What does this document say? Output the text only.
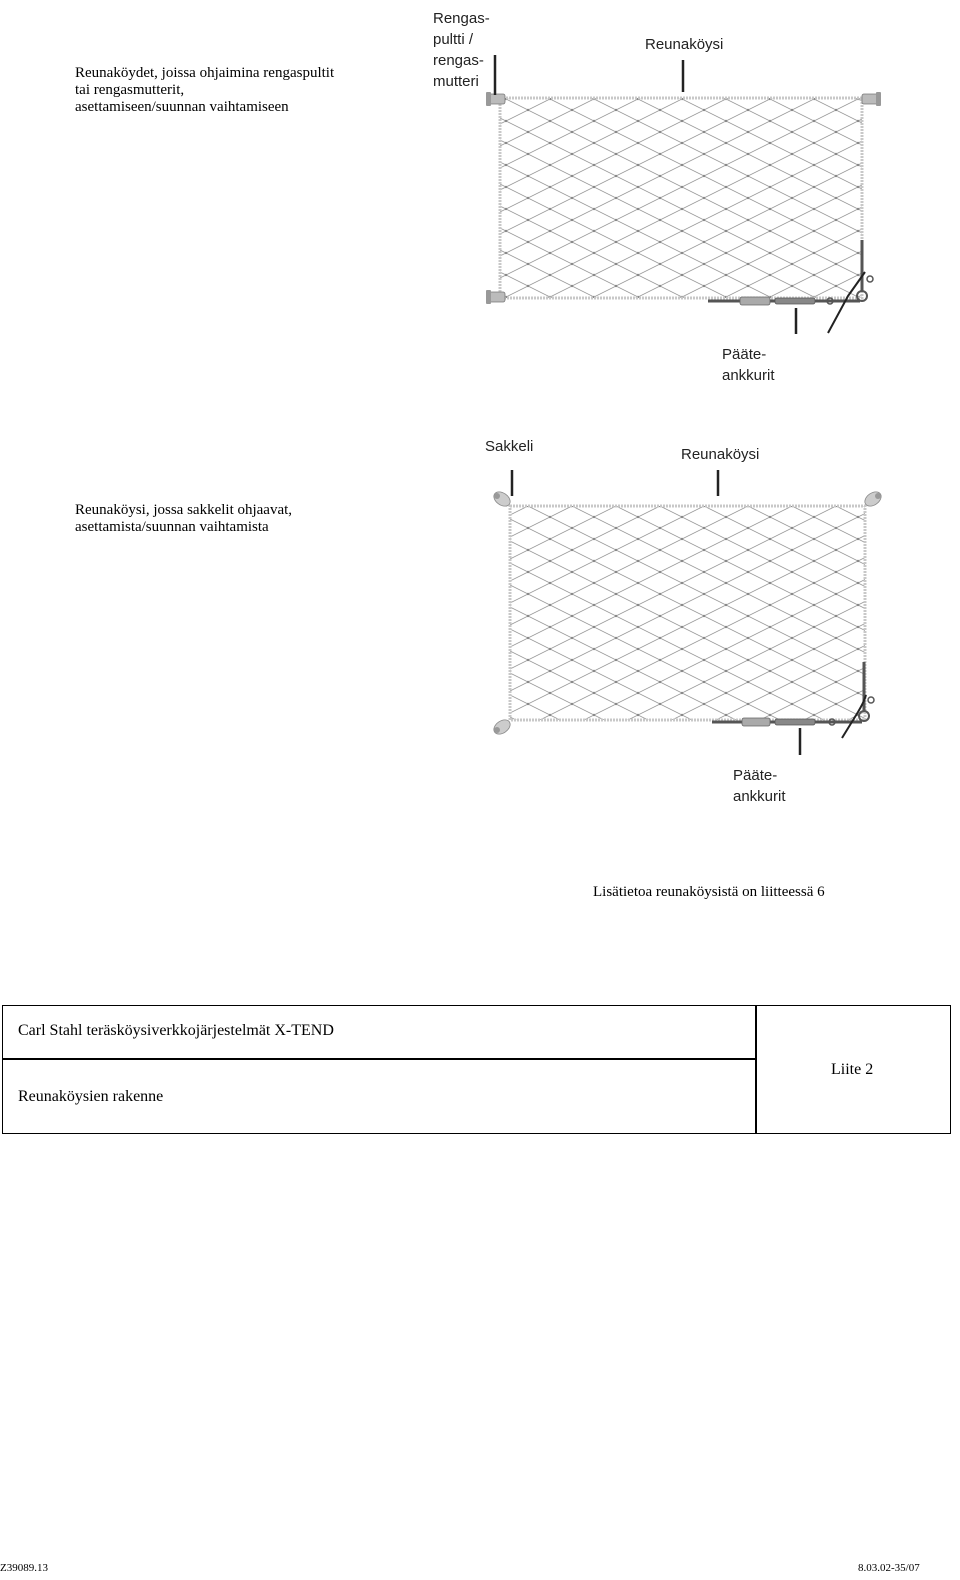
Reunaköydet, joissa ohjaimina rengaspultit
tai rengasmutterit,
asettamiseen/suunnan vaihtamiseen
Rengas-
pultti /
rengas-
mutteri
Reunaköysi
Pääte-
ankkurit
Reunaköysi, jossa sakkelit ohjaavat,
asettamista/suunnan vaihtamista
Sakkeli	Reunaköysi
Pääte-
ankkurit
Lisätietoa reunaköysistä on liitteessä 6
Carl Stahl teräsköysiverkkojärjestelmät X-TEND
Reunaköysien rakenne
Liite 2
Z39089.13	8.03.02-35/07
